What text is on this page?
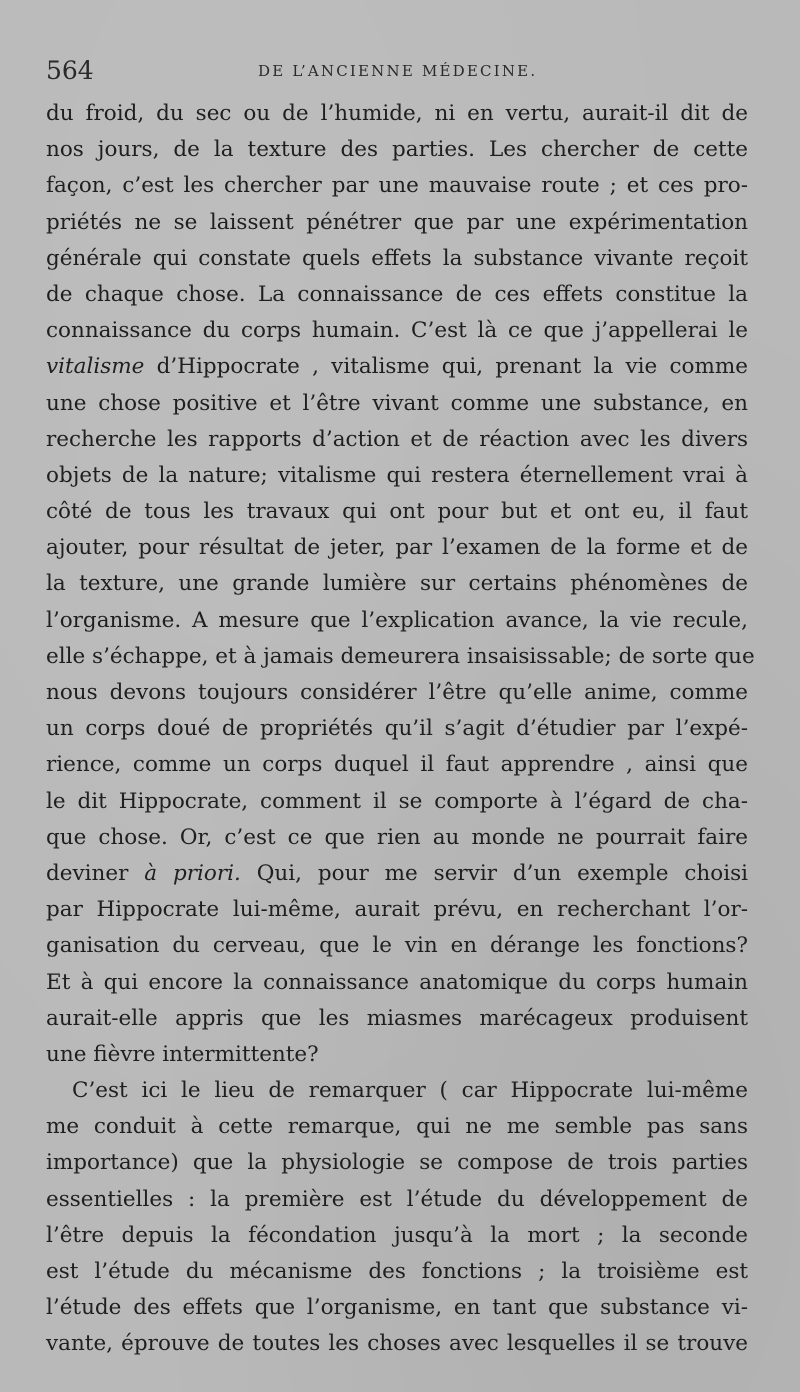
564	DE L’ANCIENNE MÉDECINE.
du froid, du sec ou de l’humide, ni en vertu, aurait-il dit de
nos jours, de la texture des parties. Les chercher de cette
façon, c’est les chercher par une mauvaise route ; et ces pro-
priétés ne se laissent pénétrer que par une expérimentation
générale qui constate quels effets la substance vivante reçoit
de chaque chose. La connaissance de ces effets constitue la
connaissance du corps humain. C’est là ce que j’appellerai le
vitalisme d’Hippocrate , vitalisme qui, prenant la vie comme
une chose positive et l’être vivant comme une substance, en
recherche les rapports d’action et de réaction avec les divers
objets de la nature; vitalisme qui restera éternellement vrai à
côté de tous les travaux qui ont pour but et ont eu, il faut
ajouter, pour résultat de jeter, par l’examen de la forme et de
la texture, une grande lumière sur certains phénomènes de
l’organisme. A mesure que l’explication avance, la vie recule,
elle s’échappe, et à jamais demeurera insaisissable; de sorte que
nous devons toujours considérer l’être qu’elle anime, comme
un corps doué de propriétés qu’il s’agit d’étudier par l’expé-
rience, comme un corps duquel il faut apprendre , ainsi que
le dit Hippocrate, comment il se comporte à l’égard de cha-
que chose. Or, c’est ce que rien au monde ne pourrait faire
deviner à priori. Qui, pour me servir d’un exemple choisi
par Hippocrate lui-même, aurait prévu, en recherchant l’or-
ganisation du cerveau, que le vin en dérange les fonctions?
Et à qui encore la connaissance anatomique du corps humain
aurait-elle appris que les miasmes marécageux produisent
une fièvre intermittente?
C’est ici le lieu de remarquer ( car Hippocrate lui-même
me conduit à cette remarque, qui ne me semble pas sans
importance) que la physiologie se compose de trois parties
essentielles : la première est l’étude du développement de
l’être depuis la fécondation jusqu’à la mort ; la seconde
est l’étude du mécanisme des fonctions ; la troisième est
l’étude des effets que l’organisme, en tant que substance vi-
vante, éprouve de toutes les choses avec lesquelles il se trouve
